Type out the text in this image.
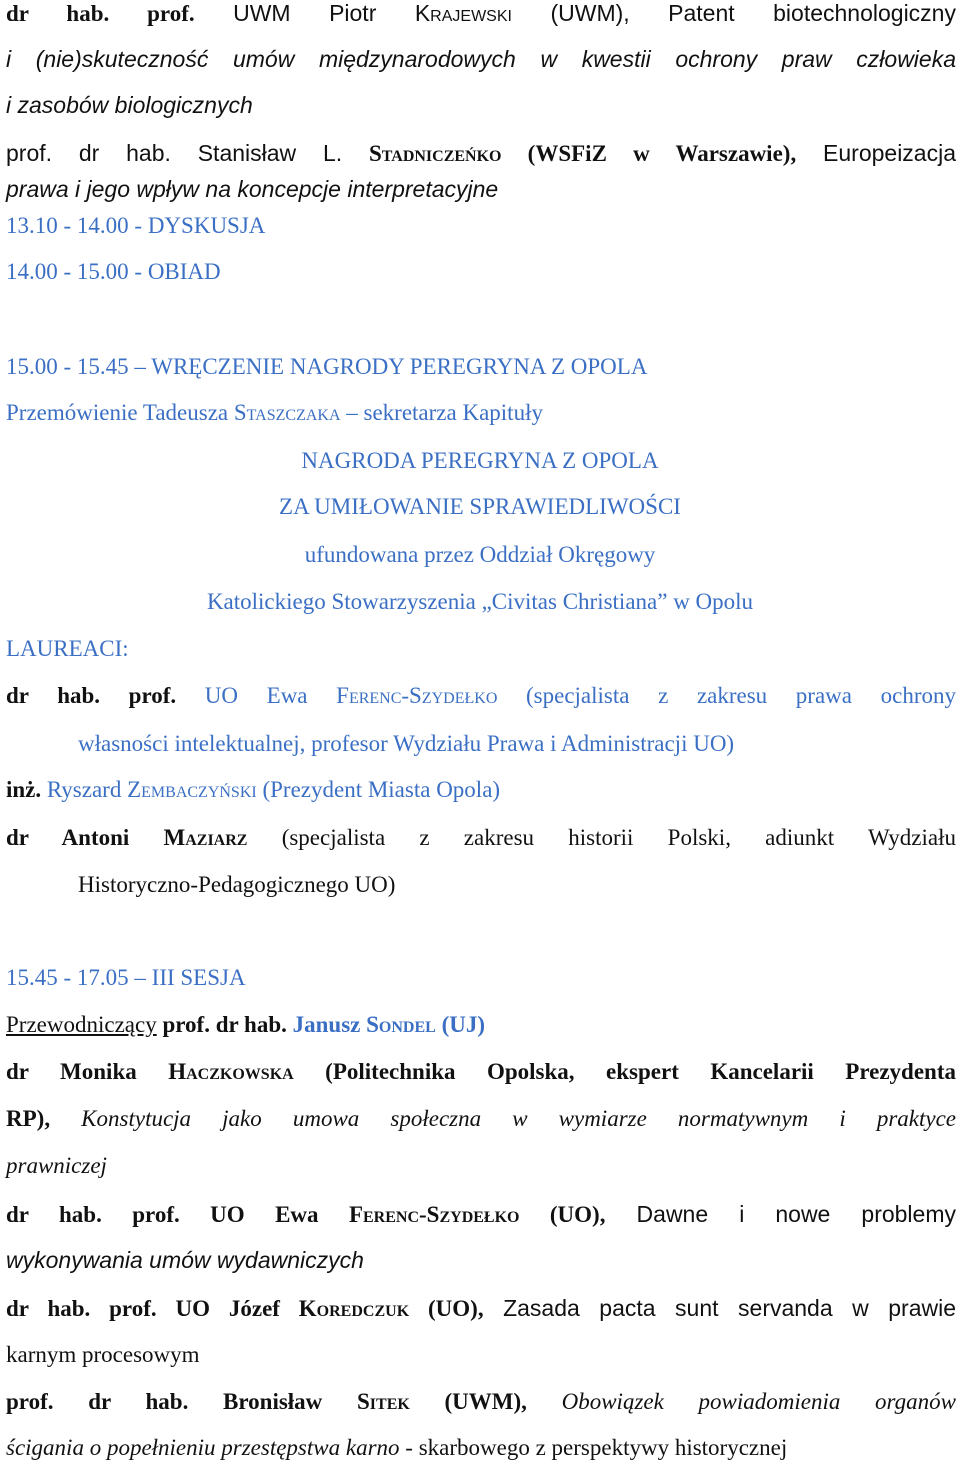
dr hab. prof. UWM Piotr Krajewski (UWM), Patent biotechnologiczny
i (nie)skuteczność umów międzynarodowych w kwestii ochrony praw człowieka
i zasobów biologicznych
prof. dr hab. Stanisław L. Stadniczeńko (WSFiZ w Warszawie), Europeizacja
prawa i jego wpływ na koncepcje interpretacyjne
13.10 - 14.00 - DYSKUSJA
14.00 - 15.00 - OBIAD
15.00 - 15.45 – WRĘCZENIE NAGRODY PEREGRYNA Z OPOLA
Przemówienie Tadeusza Staszczaka – sekretarza Kapituły
NAGRODA PEREGRYNA Z OPOLA
ZA UMIŁOWANIE SPRAWIEDLIWOŚCI
ufundowana przez Oddział Okręgowy
Katolickiego Stowarzyszenia „Civitas Christiana” w Opolu
LAUREACI:
dr hab. prof. UO Ewa Ferenc-Szydełko (specjalista z zakresu prawa ochrony
własności intelektualnej, profesor Wydziału Prawa i Administracji UO)
inż. Ryszard Zembaczyński (Prezydent Miasta Opola)
dr Antoni Maziarz (specjalista z zakresu historii Polski, adiunkt Wydziału
Historyczno-Pedagogicznego UO)
15.45 - 17.05 – III SESJA
Przewodniczący prof. dr hab. Janusz Sondel (UJ)
dr Monika Haczkowska (Politechnika Opolska, ekspert Kancelarii Prezydenta
RP), Konstytucja jako umowa społeczna w wymiarze normatywnym i praktyce
prawniczej
dr hab. prof. UO Ewa Ferenc-Szydełko (UO), Dawne i nowe problemy
wykonywania umów wydawniczych
dr hab. prof. UO Józef Koredczuk (UO), Zasada pacta sunt servanda w prawie
karnym procesowym
prof. dr hab. Bronisław Sitek (UWM), Obowiązek powiadomienia organów
ścigania o popełnieniu przestępstwa karno - skarbowego z perspektywy historycznej
